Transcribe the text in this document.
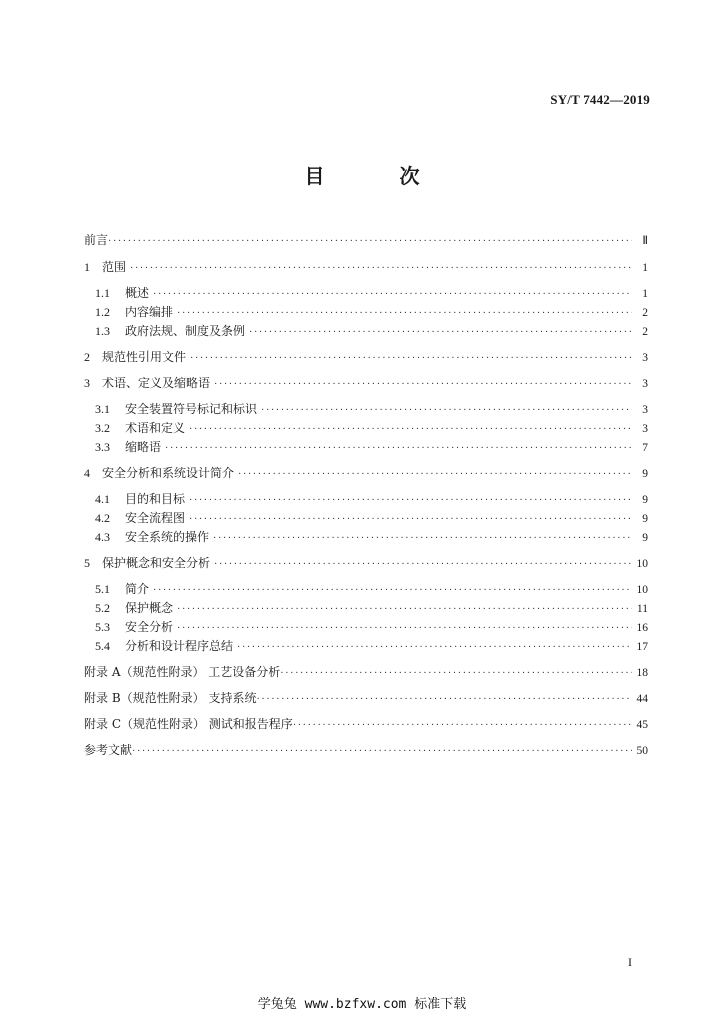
SY/T 7442—2019
目 次
前言 ·····	Ⅱ
1	范围 ·····	1
1.1	概述 ·····	1
1.2	内容编排 ·····	2
1.3	政府法规、制度及条例 ·····	2
2	规范性引用文件 ·····	3
3	术语、定义及缩略语 ·····	3
3.1	安全装置符号标记和标识 ·····	3
3.2	术语和定义 ·····	3
3.3	缩略语 ·····	7
4	安全分析和系统设计简介 ·····	9
4.1	目的和目标 ·····	9
4.2	安全流程图 ·····	9
4.3	安全系统的操作 ·····	9
5	保护概念和安全分析 ·····	10
5.1	简介 ·····	10
5.2	保护概念 ·····	11
5.3	安全分析 ·····	16
5.4	分析和设计程序总结 ·····	17
附录 A（规范性附录） 工艺设备分析 ·····	18
附录 B（规范性附录） 支持系统 ·····	44
附录 C（规范性附录） 测试和报告程序 ·····	45
参考文献 ·····	50
I
学兔兔 www.bzfxw.com 标准下载
